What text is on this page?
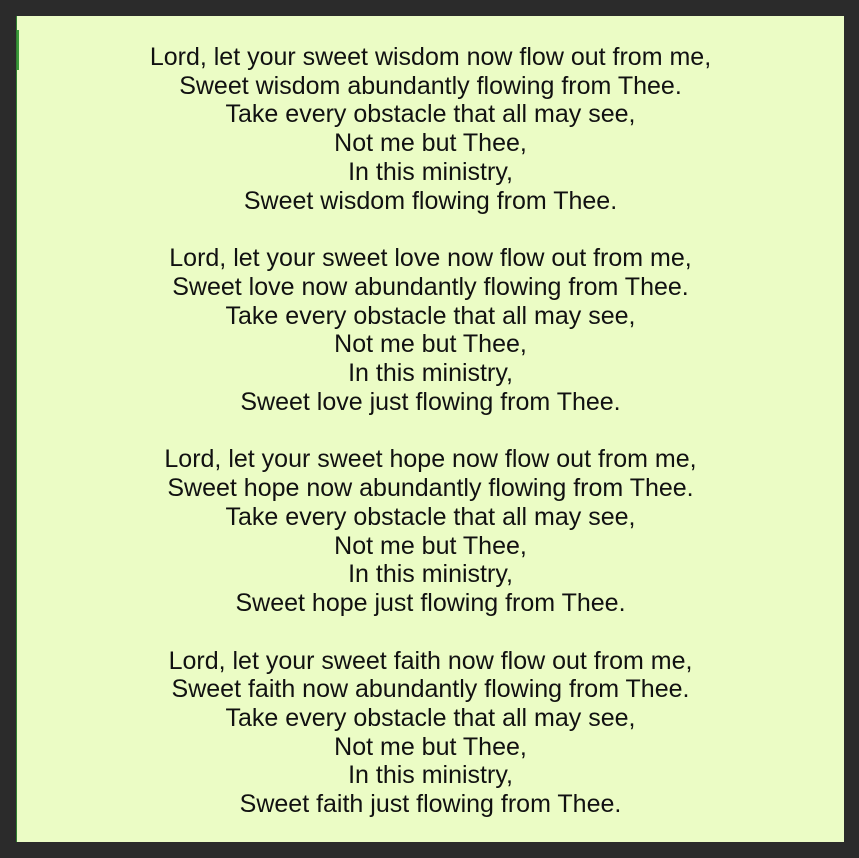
Lord, let your sweet wisdom now flow out from me,
Sweet wisdom abundantly flowing from Thee.
Take every obstacle that all may see,
Not me but Thee,
In this ministry,
Sweet wisdom flowing from Thee.
Lord, let your sweet love now flow out from me,
Sweet love now abundantly flowing from Thee.
Take every obstacle that all may see,
Not me but Thee,
In this ministry,
Sweet love just flowing from Thee.
Lord, let your sweet hope now flow out from me,
Sweet hope now abundantly flowing from Thee.
Take every obstacle that all may see,
Not me but Thee,
In this ministry,
Sweet hope just flowing from Thee.
Lord, let your sweet faith now flow out from me,
Sweet faith now abundantly flowing from Thee.
Take every obstacle that all may see,
Not me but Thee,
In this ministry,
Sweet faith just flowing from Thee.
